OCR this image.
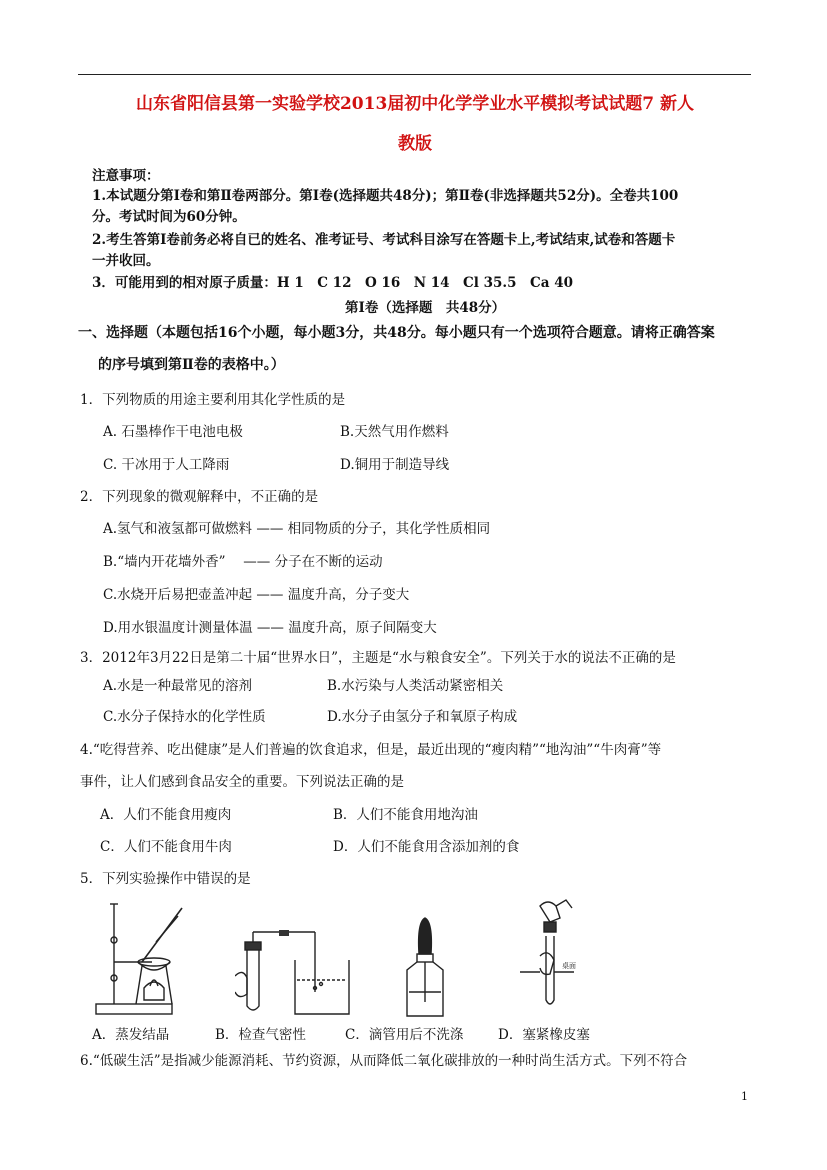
山东省阳信县第一实验学校2013届初中化学学业水平模拟考试试题7 新人
教版
注意事项：
1.本试题分第Ⅰ卷和第Ⅱ卷两部分。第Ⅰ卷(选择题共48分)；第Ⅱ卷(非选择题共52分)。全卷共100
分。考试时间为60分钟。
2.考生答第Ⅰ卷前务必将自已的姓名、准考证号、考试科目涂写在答题卡上,考试结束,试卷和答题卡
一并收回。
3．可能用到的相对原子质量：H 1　C 12　O 16　N 14　Cl 35.5　Ca 40
第Ⅰ卷（选择题　共48分）
一、选择题（本题包括16个小题，每小题3分，共48分。每小题只有一个选项符合题意。请将正确答案
的序号填到第Ⅱ卷的表格中。）
1．下列物质的用途主要利用其化学性质的是
A. 石墨棒作干电池电极	B.天然气用作燃料
C. 干冰用于人工降雨	D.铜用于制造导线
2．下列现象的微观解释中，不正确的是
A.氢气和液氢都可做燃料 —— 相同物质的分子，其化学性质相同
B.“墙内开花墙外香”　 —— 分子在不断的运动
C.水烧开后易把壶盖冲起 —— 温度升高，分子变大
D.用水银温度计测量体温 —— 温度升高，原子间隔变大
3．2012年3月22日是第二十届“世界水日”，主题是“水与粮食安全”。下列关于水的说法不正确的是
A.水是一种最常见的溶剂	B.水污染与人类活动紧密相关
C.水分子保持水的化学性质	D.水分子由氢分子和氧原子构成
4.“吃得营养、吃出健康”是人们普遍的饮食追求，但是，最近出现的“瘦肉精”“地沟油”“牛肉膏”等
事件，让人们感到食品安全的重要。下列说法正确的是
A．人们不能食用瘦肉	B．人们不能食用地沟油
C．人们不能食用牛肉	D．人们不能食用含添加剂的食
5．下列实验操作中错误的是
桌面
A．蒸发结晶	B．检查气密性	C．滴管用后不洗涤	D．塞紧橡皮塞
6.“低碳生活”是指减少能源消耗、节约资源，从而降低二氧化碳排放的一种时尚生活方式。下列不符合
1
